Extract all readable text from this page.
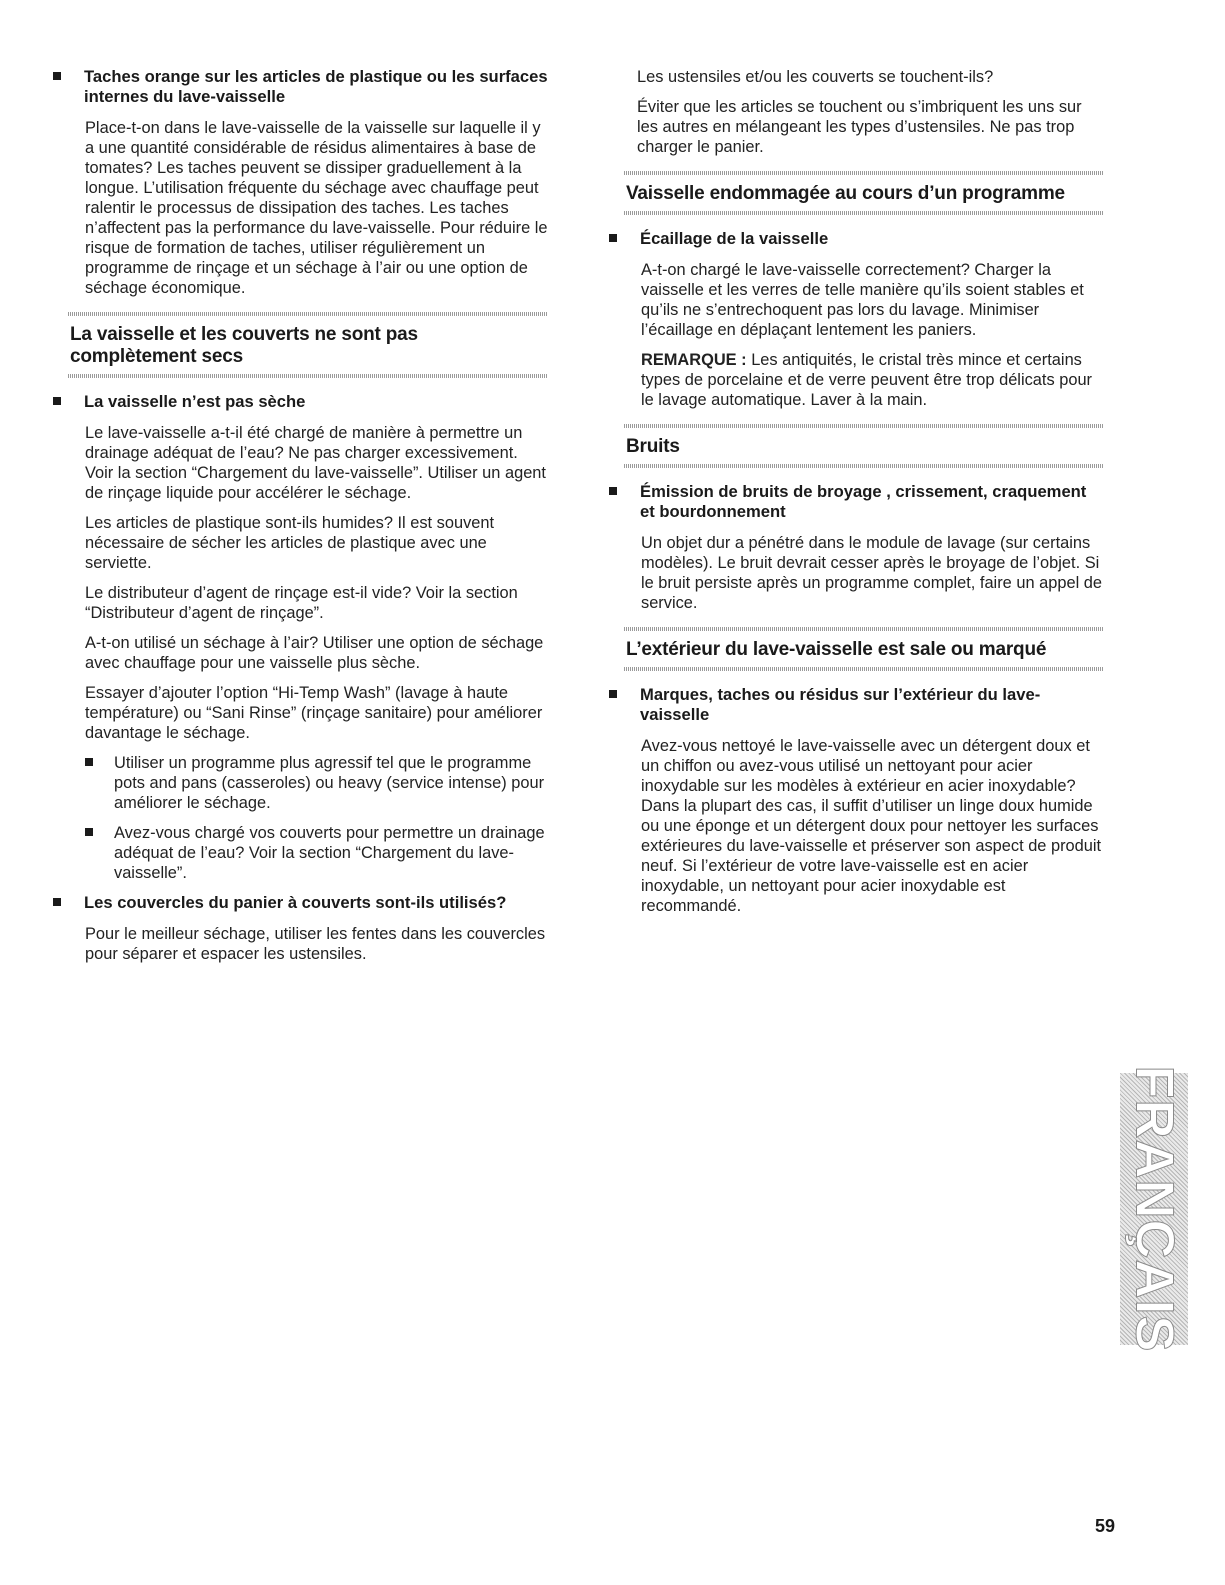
Taches orange sur les articles de plastique ou les surfaces internes du lave-vaisselle
Place-t-on dans le lave-vaisselle de la vaisselle sur laquelle il y a une quantité considérable de résidus alimentaires à base de tomates? Les taches peuvent se dissiper graduellement à la longue. L’utilisation fréquente du séchage avec chauffage peut ralentir le processus de dissipation des taches. Les taches n’affectent pas la performance du lave-vaisselle. Pour réduire le risque de formation de taches, utiliser régulièrement un programme de rinçage et un séchage à l’air ou une option de séchage économique.
La vaisselle et les couverts ne sont pas complètement secs
La vaisselle n’est pas sèche
Le lave-vaisselle a-t-il été chargé de manière à permettre un drainage adéquat de l’eau? Ne pas charger excessivement. Voir la section “Chargement du lave-vaisselle”. Utiliser un agent de rinçage liquide pour accélérer le séchage.
Les articles de plastique sont-ils humides? Il est souvent nécessaire de sécher les articles de plastique avec une serviette.
Le distributeur d’agent de rinçage est-il vide? Voir la section “Distributeur d’agent de rinçage”.
A-t-on utilisé un séchage à l’air? Utiliser une option de séchage avec chauffage pour une vaisselle plus sèche.
Essayer d’ajouter l’option “Hi-Temp Wash” (lavage à haute température) ou “Sani Rinse” (rinçage sanitaire) pour améliorer davantage le séchage.
Utiliser un programme plus agressif tel que le programme pots and pans (casseroles) ou heavy (service intense) pour améliorer le séchage.
Avez-vous chargé vos couverts pour permettre un drainage adéquat de l’eau? Voir la section “Chargement du lave-vaisselle”.
Les couvercles du panier à couverts sont-ils utilisés?
Pour le meilleur séchage, utiliser les fentes dans les couvercles pour séparer et espacer les ustensiles.
Les ustensiles et/ou les couverts se touchent-ils?
Éviter que les articles se touchent ou s’imbriquent les uns sur les autres en mélangeant les types d’ustensiles. Ne pas trop charger le panier.
Vaisselle endommagée au cours d’un programme
Écaillage de la vaisselle
A-t-on chargé le lave-vaisselle correctement? Charger la vaisselle et les verres de telle manière qu’ils soient stables et qu’ils ne s’entrechoquent pas lors du lavage. Minimiser l’écaillage en déplaçant lentement les paniers.
REMARQUE : Les antiquités, le cristal très mince et certains types de porcelaine et de verre peuvent être trop délicats pour le lavage automatique. Laver à la main.
Bruits
Émission de bruits de broyage , crissement, craquement et bourdonnement
Un objet dur a pénétré dans le module de lavage (sur certains modèles). Le bruit devrait cesser après le broyage de l’objet. Si le bruit persiste après un programme complet, faire un appel de service.
L’extérieur du lave-vaisselle est sale ou marqué
Marques, taches ou résidus sur l’extérieur du lave-vaisselle
Avez-vous nettoyé le lave-vaisselle avec un détergent doux et un chiffon ou avez-vous utilisé un nettoyant pour acier inoxydable sur les modèles à extérieur en acier inoxydable? Dans la plupart des cas, il suffit d’utiliser un linge doux humide ou une éponge et un détergent doux pour nettoyer les surfaces extérieures du lave-vaisselle et préserver son aspect de produit neuf. Si l’extérieur de votre lave-vaisselle est en acier inoxydable, un nettoyant pour acier inoxydable est recommandé.
FRANÇAIS
59
